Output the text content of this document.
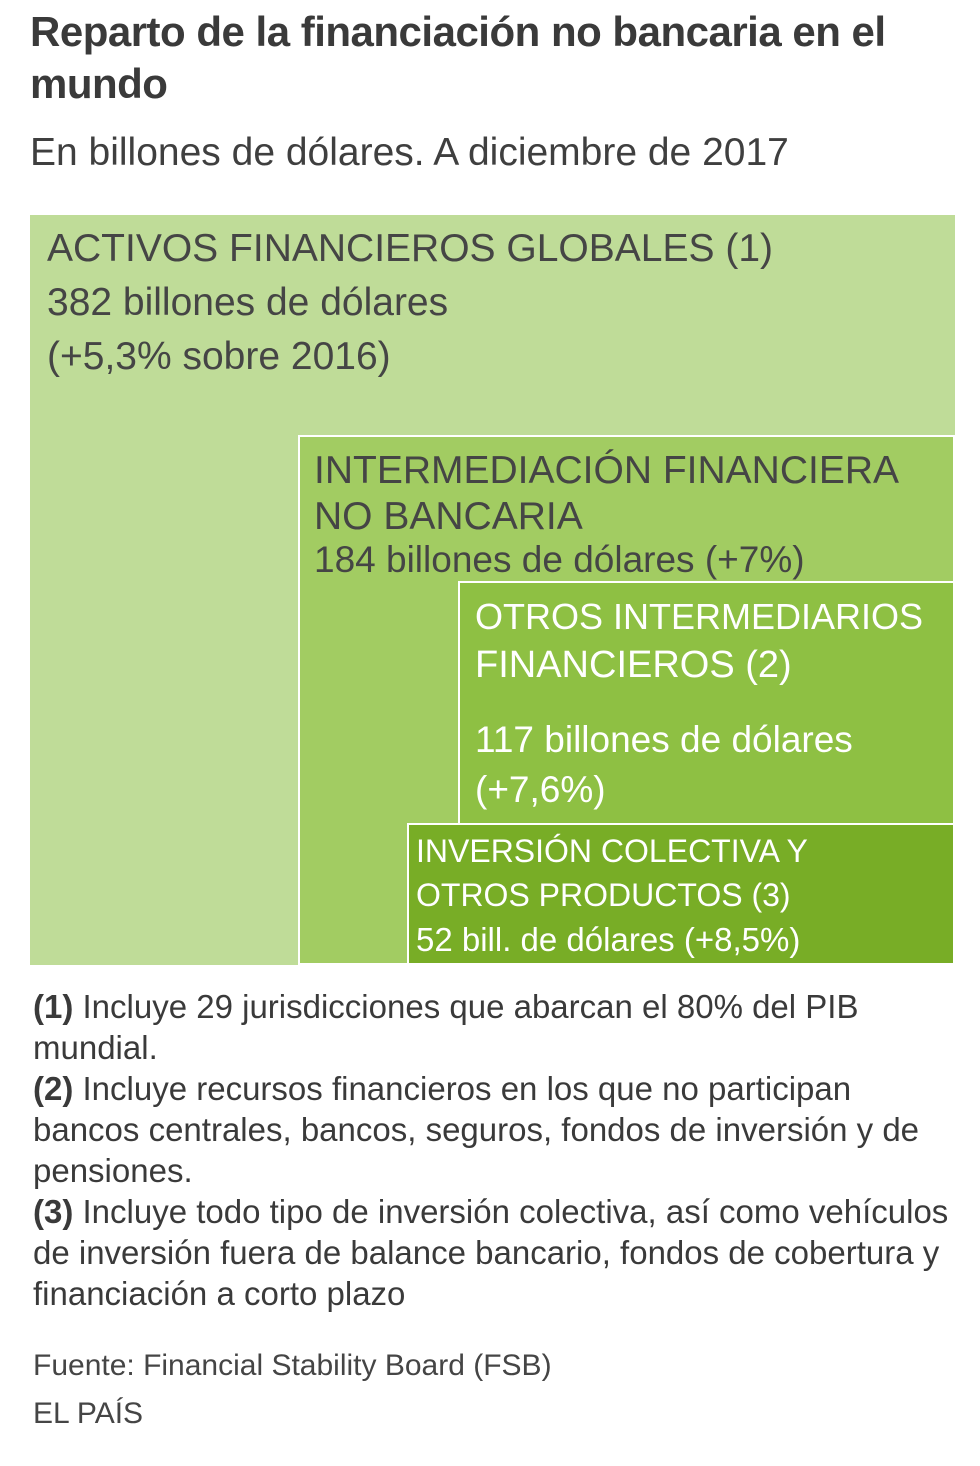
Reparto de la financiación no bancaria en el mundo
En billones de dólares. A diciembre de 2017
ACTIVOS FINANCIEROS GLOBALES (1)
382 billones de dólares
(+5,3% sobre 2016)
INTERMEDIACIÓN FINANCIERA
NO BANCARIA
184 billones de dólares (+7%)
OTROS INTERMEDIARIOS
FINANCIEROS (2)
117 billones de dólares
(+7,6%)
INVERSIÓN COLECTIVA Y
OTROS PRODUCTOS (3)
52 bill. de dólares (+8,5%)

(1) Incluye 29 jurisdicciones que abarcan el 80% del PIB mundial.

(2) Incluye recursos financieros en los que no participan bancos centrales, bancos, seguros, fondos de inversión y de pensiones.

(3) Incluye todo tipo de inversión colectiva, así como vehículos de inversión fuera de balance bancario, fondos de cobertura y financiación a corto plazo

Fuente: Financial Stability Board (FSB)
EL PAÍS
